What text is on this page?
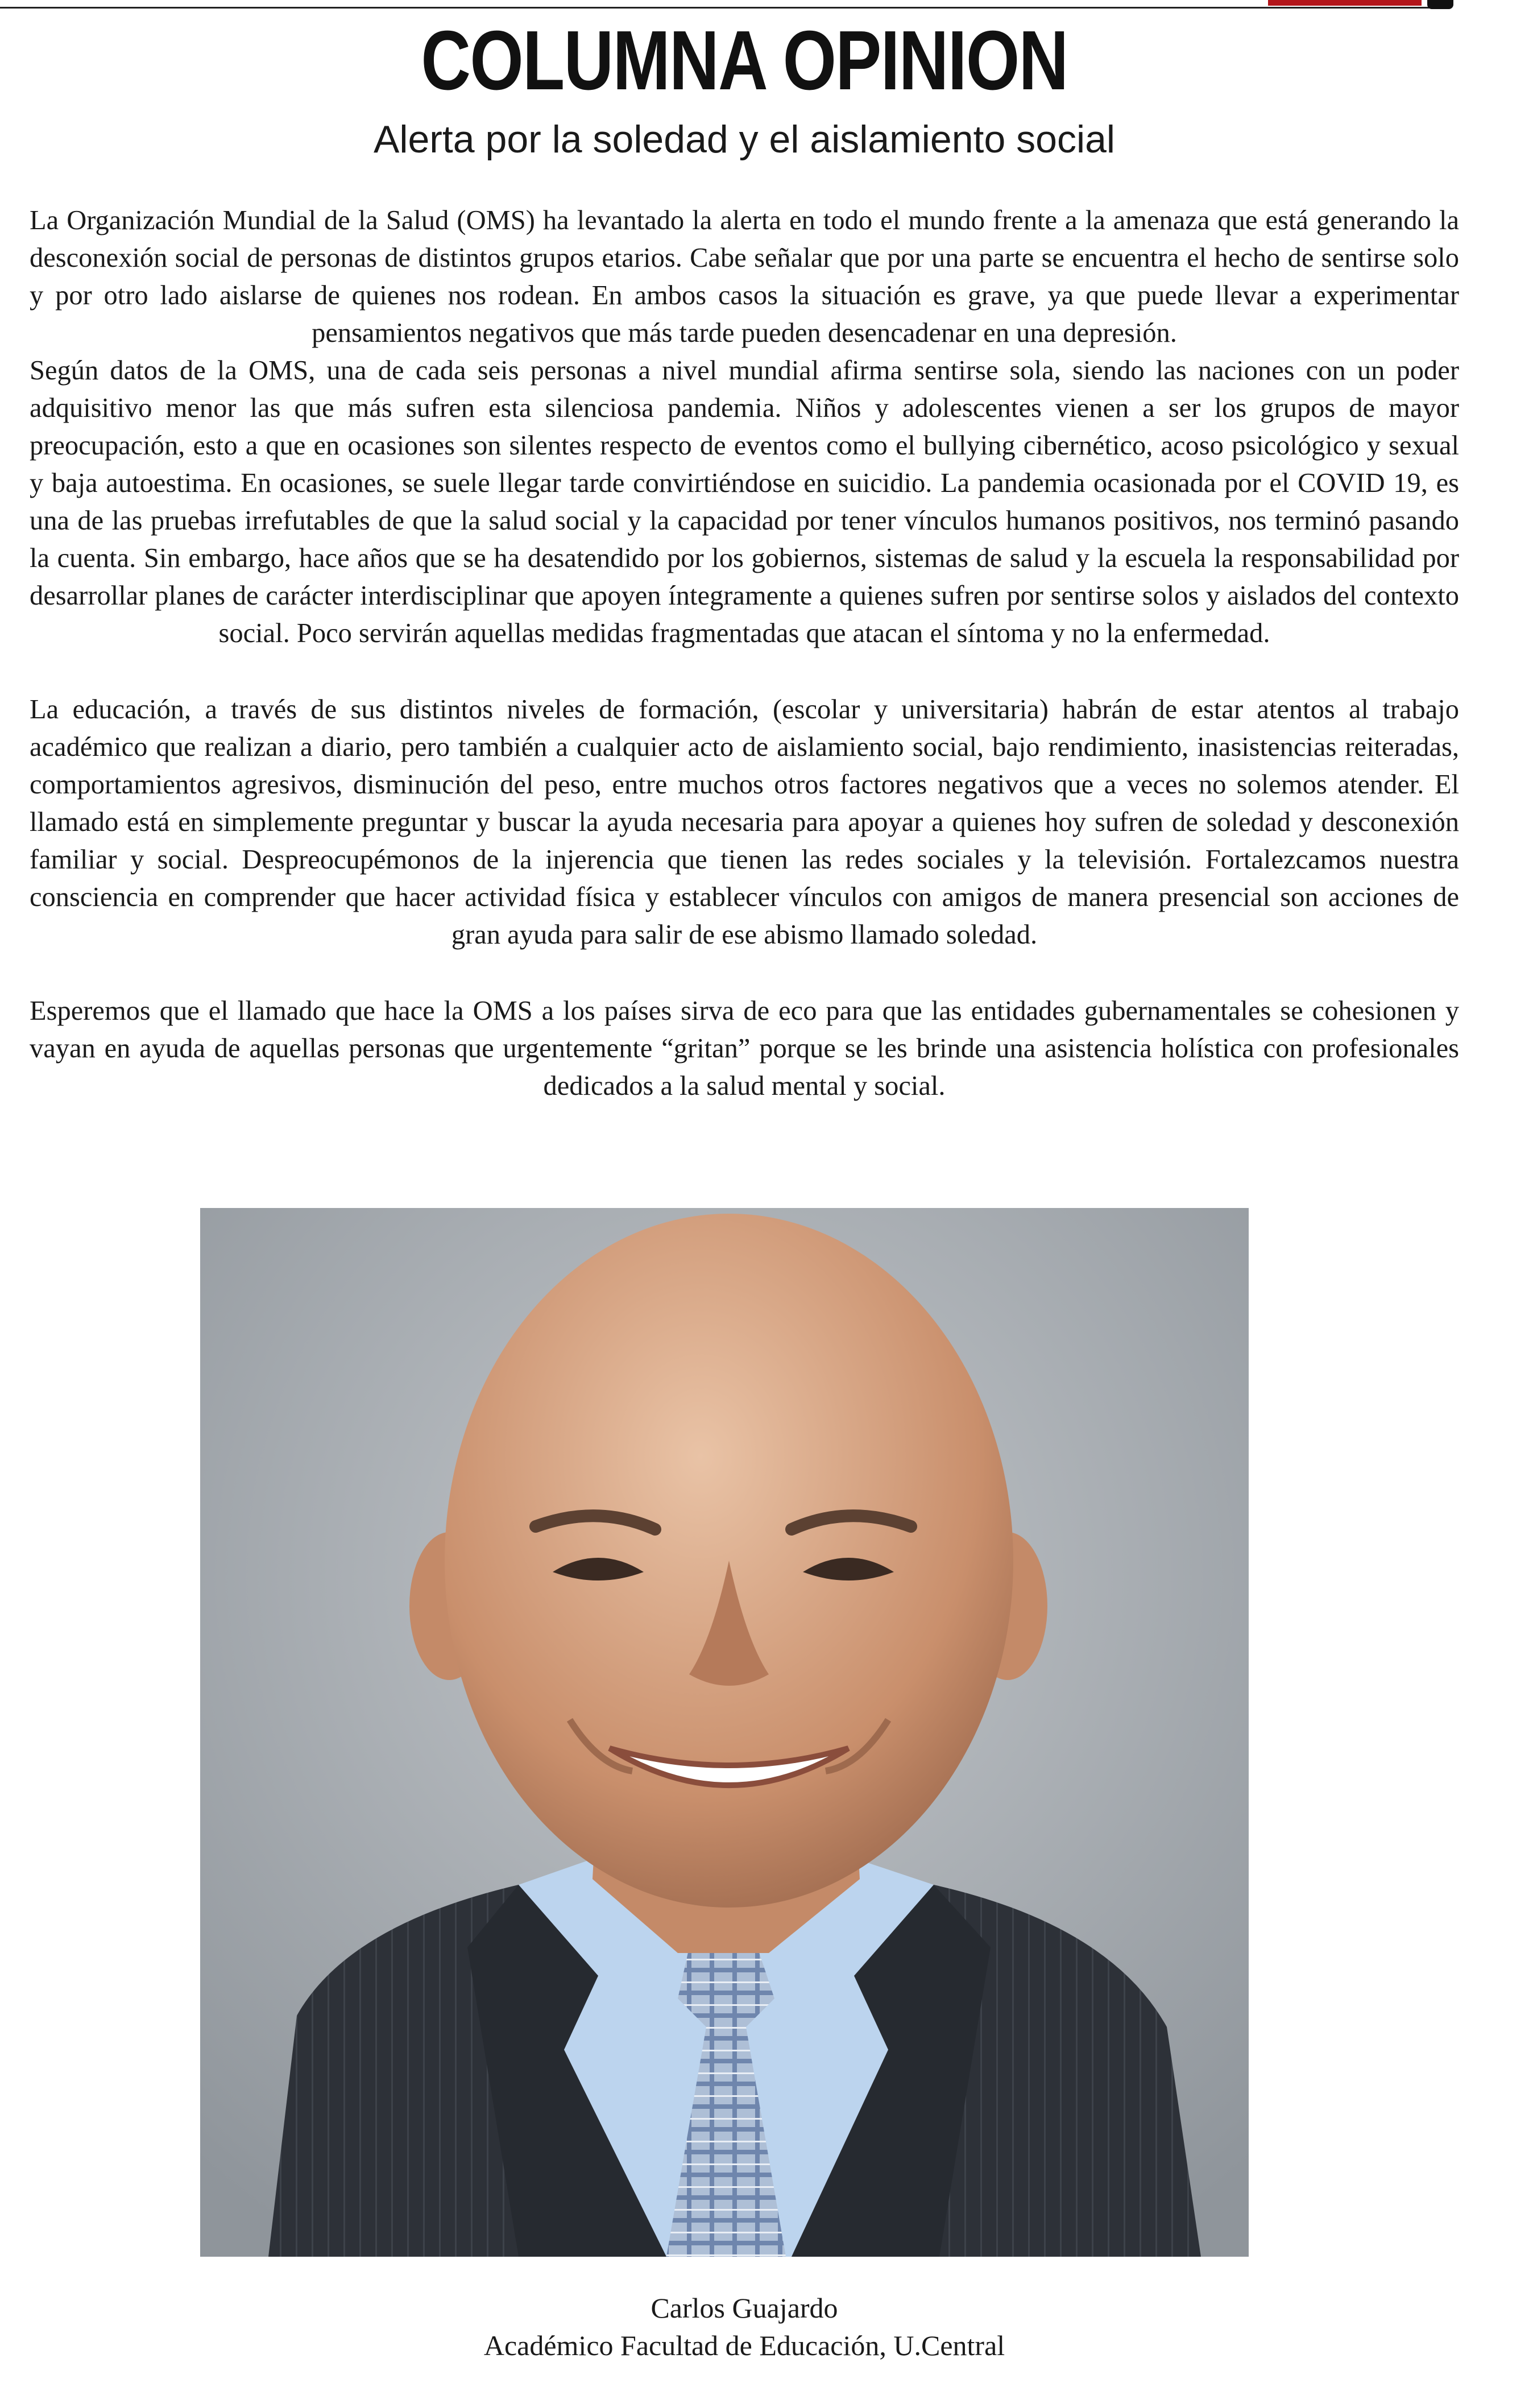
COLUMNA OPINION
Alerta por la soledad y el aislamiento social

La Organización Mundial de la Salud (OMS) ha levantado la alerta en todo el mundo frente a la amenaza que está generando la desconexión social de personas de distintos grupos etarios. Cabe señalar que por una parte se encuentra el hecho de sentirse solo y por otro lado aislarse de quienes nos rodean. En ambos casos la situación es grave, ya que puede llevar a experimentar pensamientos negativos que más tarde pueden desencadenar en una depresión.

Según datos de la OMS, una de cada seis personas a nivel mundial afirma sentirse sola, siendo las naciones con un poder adquisitivo menor las que más sufren esta silenciosa pandemia. Niños y adolescentes vienen a ser los grupos de mayor preocupación, esto a que en ocasiones son silentes respecto de eventos como el bullying cibernético, acoso psicológico y sexual y baja autoestima. En ocasiones, se suele llegar tarde convirtiéndose en suicidio. La pandemia ocasionada por el COVID 19, es una de las pruebas irrefutables de que la salud social y la capacidad por tener vínculos humanos positivos, nos terminó pasando la cuenta. Sin embargo, hace años que se ha desatendido por los gobiernos, sistemas de salud y la escuela la responsabilidad por desarrollar planes de carácter interdisciplinar que apoyen íntegramente a quienes sufren por sentirse solos y aislados del contexto social. Poco servirán aquellas medidas fragmentadas que atacan el síntoma y no la enfermedad.

La educación, a través de sus distintos niveles de formación, (escolar y universitaria) habrán de estar atentos al trabajo académico que realizan a diario, pero también a cualquier acto de aislamiento social, bajo rendimiento, inasistencias reiteradas, comportamientos agresivos, disminución del peso, entre muchos otros factores negativos que a veces no solemos atender. El llamado está en simplemente preguntar y buscar la ayuda necesaria para apoyar a quienes hoy sufren de soledad y desconexión familiar y social. Despreocupémonos de la injerencia que tienen las redes sociales y la televisión. Fortalezcamos nuestra consciencia en comprender que hacer actividad física y establecer vínculos con amigos de manera presencial son acciones de gran ayuda para salir de ese abismo llamado soledad.

Esperemos que el llamado que hace la OMS a los países sirva de eco para que las entidades gubernamentales se cohesionen y vayan en ayuda de aquellas personas que urgentemente “gritan” porque se les brinde una asistencia holística con profesionales dedicados a la salud mental y social.

Carlos Guajardo
Académico Facultad de Educación, U.Central
